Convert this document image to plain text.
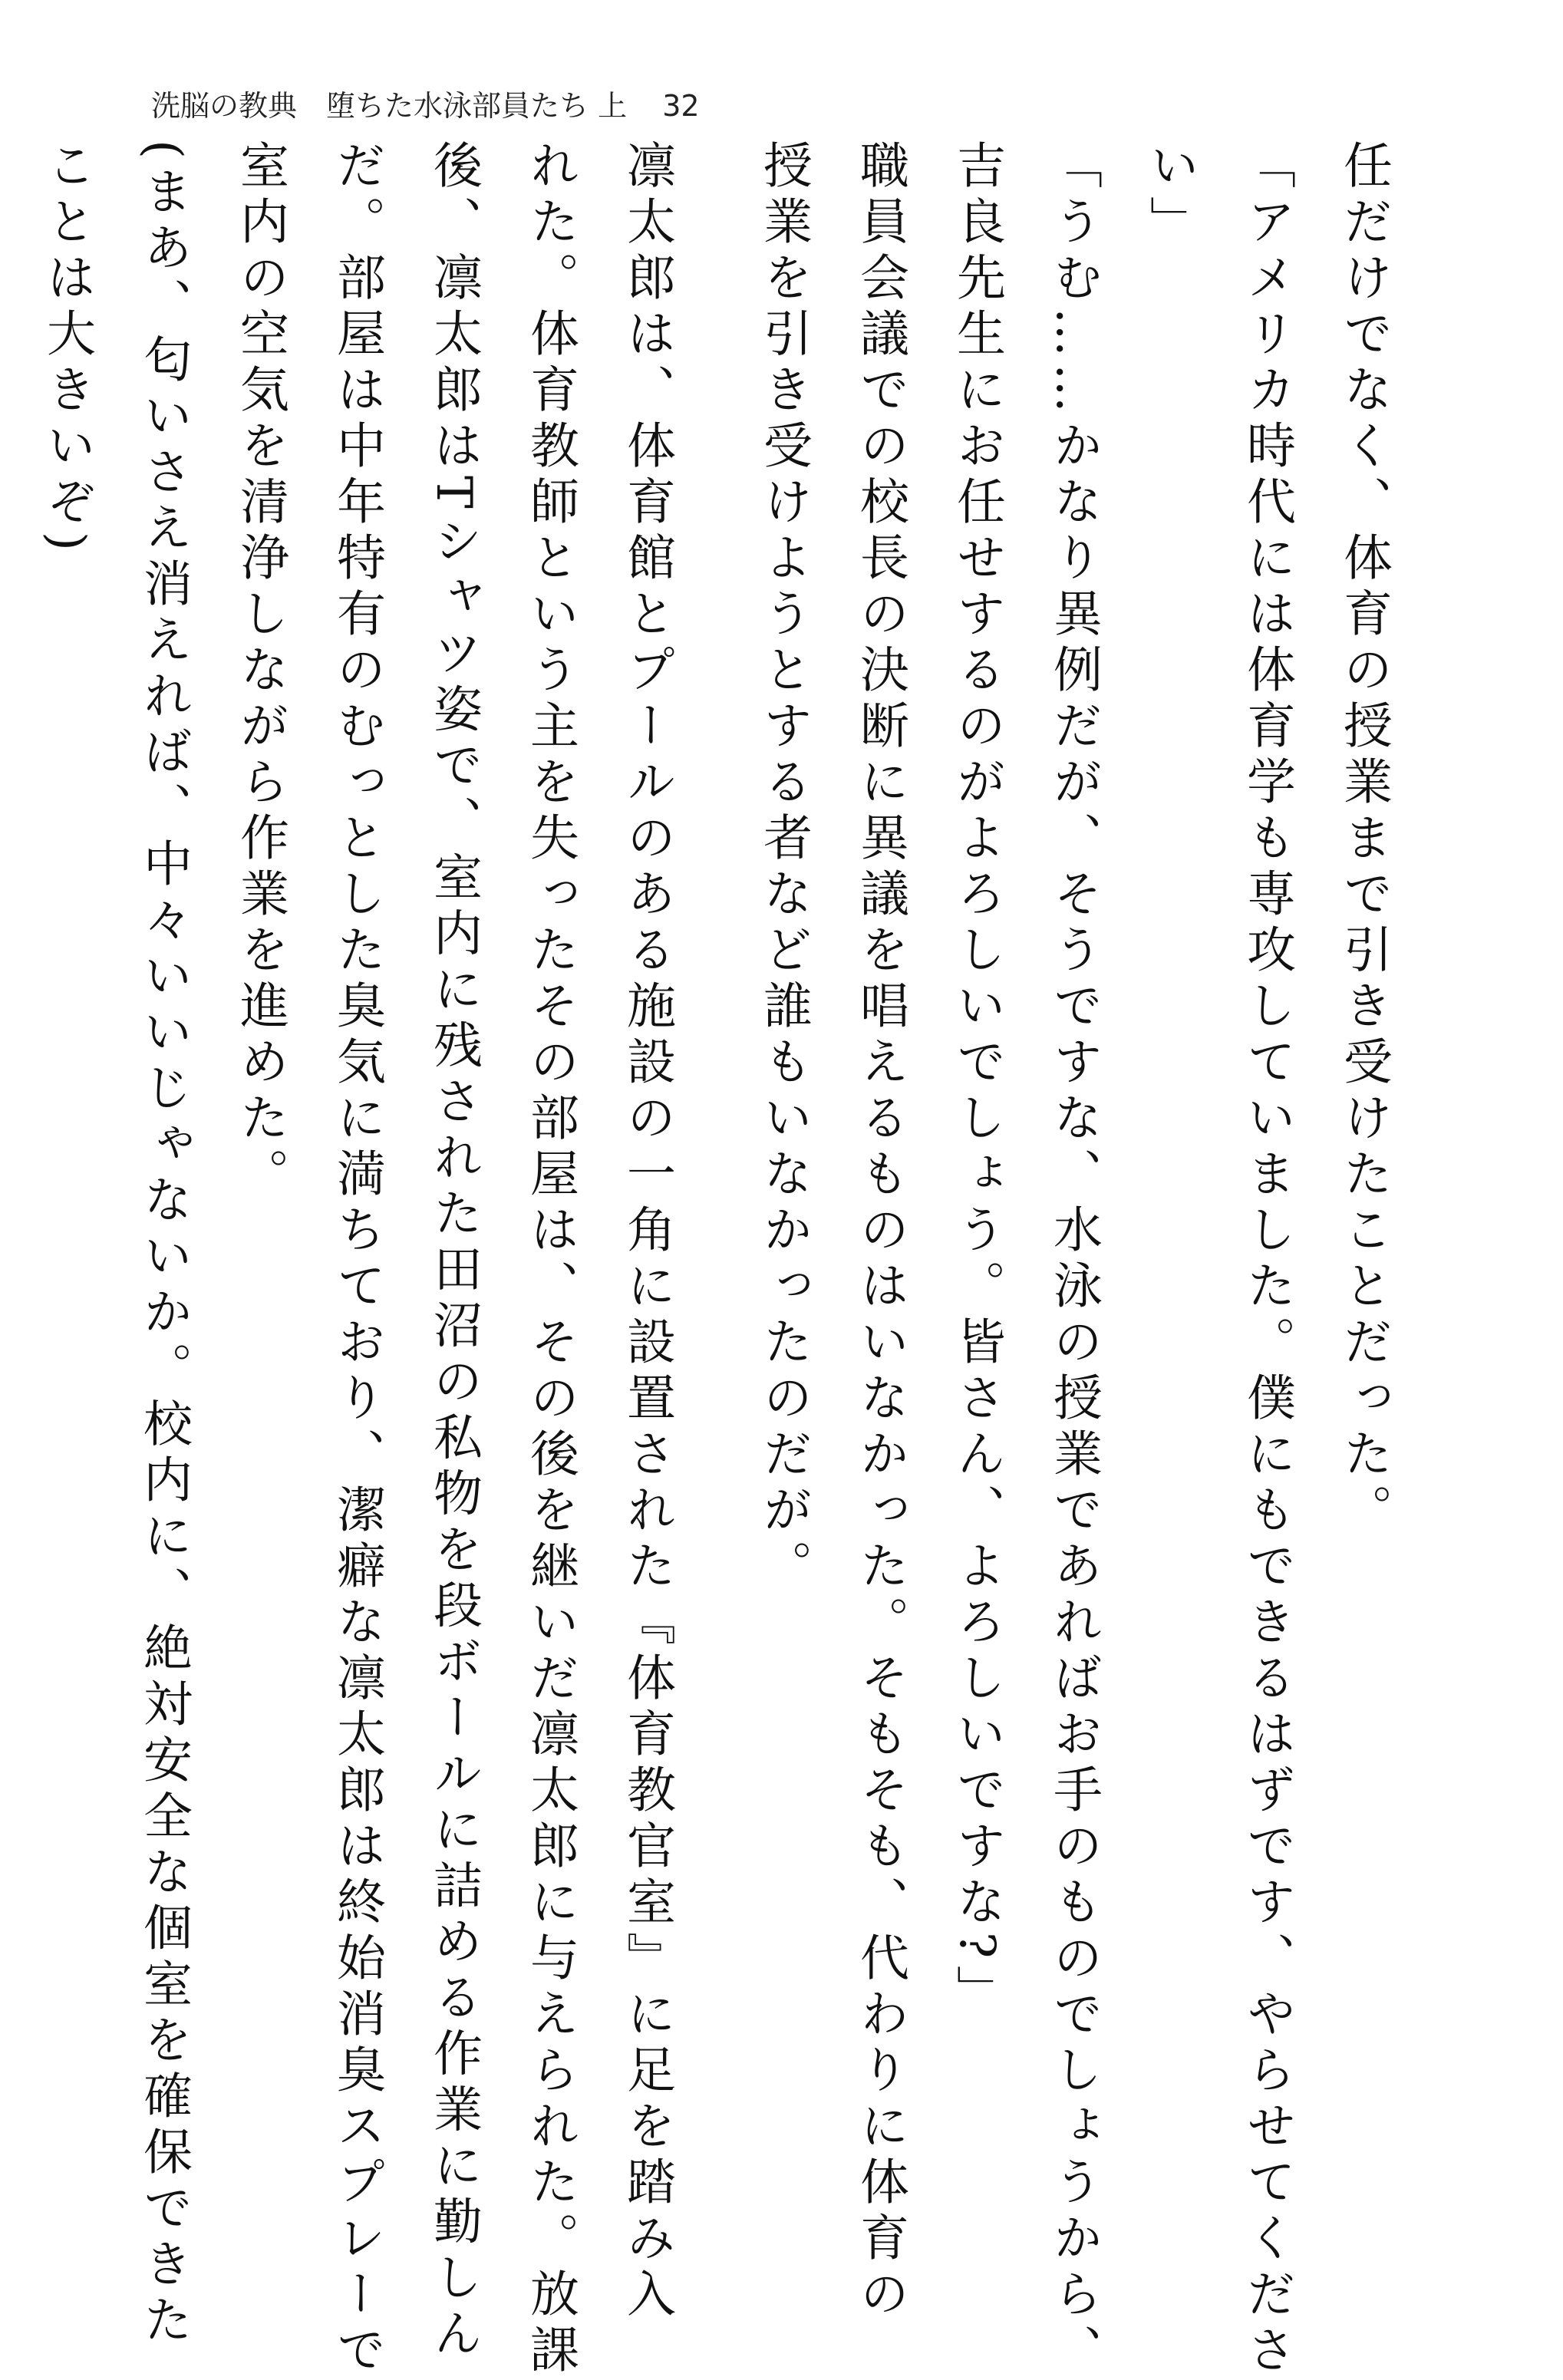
洗脳の教典　堕ちた水泳部員たち 上 32
任だけでなく、体育の授業まで引き受けたことだった。
「アメリカ時代には体育学も専攻していました。僕にもできるはずです、やらせてくださ
い」
「うむ……かなり異例だが、そうですな、水泳の授業であればお手のものでしょうから、
吉良先生にお任せするのがよろしいでしょう。皆さん、よろしいですな?」
職員会議での校長の決断に異議を唱えるものはいなかった。そもそも、代わりに体育の
授業を引き受けようとする者など誰もいなかったのだが。
凛太郎は、体育館とプールのある施設の一角に設置された『体育教官室』に足を踏み入
れた。体育教師という主を失ったその部屋は、その後を継いだ凛太郎に与えられた。放課
後、凛太郎はTシャツ姿で、室内に残された田沼の私物を段ボールに詰める作業に勤しん
だ。部屋は中年特有のむっとした臭気に満ちており、潔癖な凛太郎は終始消臭スプレーで
室内の空気を清浄しながら作業を進めた。
(まあ、匂いさえ消えれば、中々いいじゃないか。校内に、絶対安全な個室を確保できた
ことは大きいぞ)
